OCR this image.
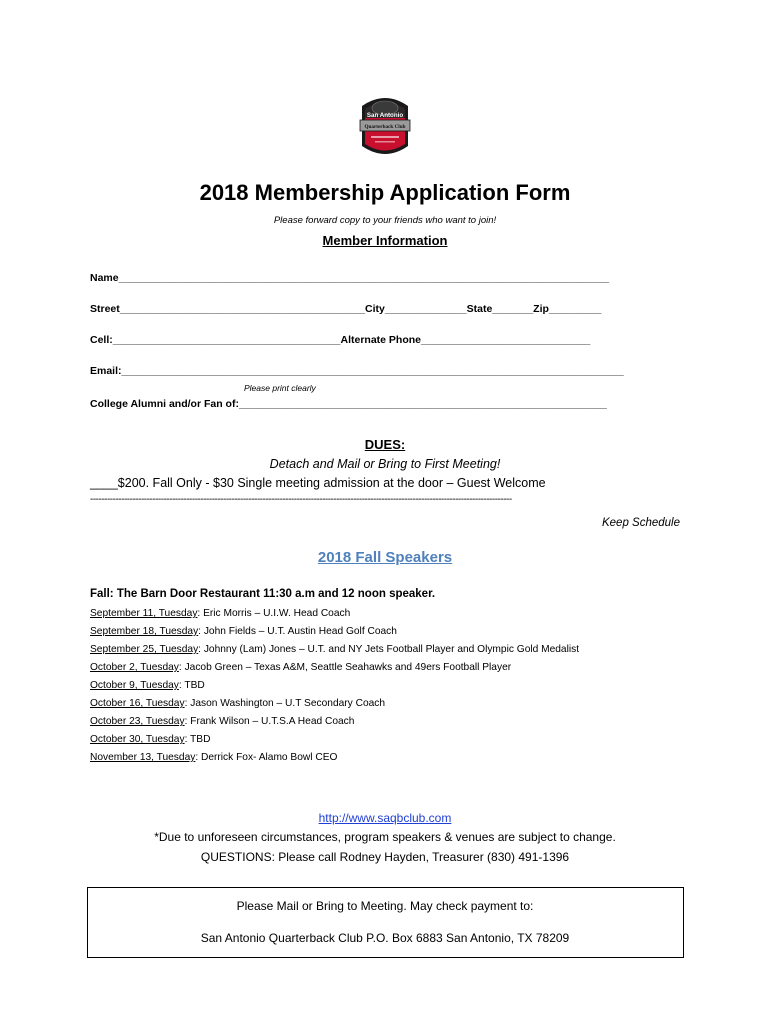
San Antonio
Quarterback Club
2018 Membership Application Form
Please forward copy to your friends who want to join!
Member Information
Name____________________________________________________________________________________
Street__________________________________________City______________State_______Zip_________
Cell:_______________________________________Alternate Phone_____________________________
Email:______________________________________________________________________________________
Please print clearly
College Alumni and/or Fan of:_______________________________________________________________
DUES:
Detach and Mail or Bring to First Meeting!
____$200. Fall Only - $30 Single meeting admission at the door – Guest Welcome
-----------------------------------------------------------------------------------------------------------------------------------------------------
Keep Schedule
2018 Fall Speakers
Fall: The Barn Door Restaurant 11:30 a.m and 12 noon speaker.
September 11, Tuesday: Eric Morris – U.I.W. Head Coach
September 18, Tuesday: John Fields – U.T. Austin Head Golf Coach
September 25, Tuesday: Johnny (Lam) Jones – U.T. and NY Jets Football Player and Olympic Gold Medalist
October 2, Tuesday: Jacob Green – Texas A&M, Seattle Seahawks and 49ers Football Player
October 9, Tuesday: TBD
October 16, Tuesday: Jason Washington – U.T Secondary Coach
October 23, Tuesday: Frank Wilson – U.T.S.A Head Coach
October 30, Tuesday: TBD
November 13, Tuesday: Derrick Fox- Alamo Bowl CEO
http://www.saqbclub.com
*Due to unforeseen circumstances, program speakers & venues are subject to change.
QUESTIONS: Please call Rodney Hayden, Treasurer (830) 491-1396
Please Mail or Bring to Meeting. May check payment to:
San Antonio Quarterback Club P.O. Box 6883 San Antonio, TX 78209
